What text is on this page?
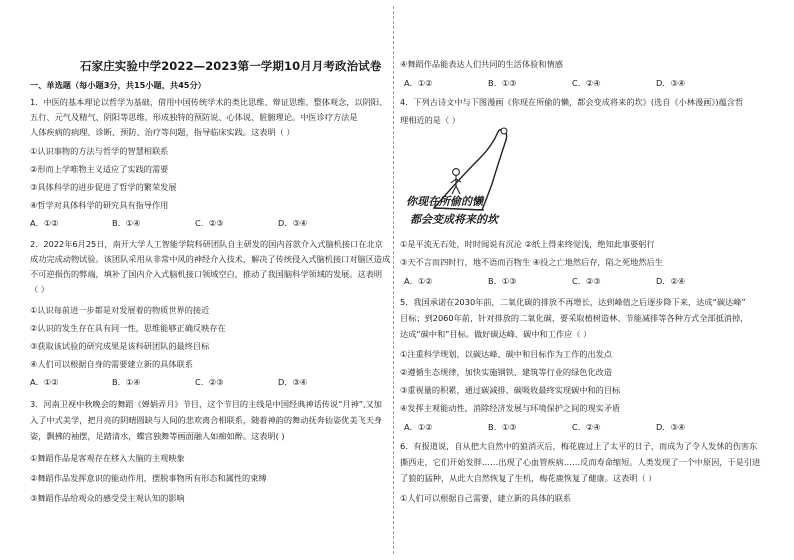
石家庄实验中学2022—2023第一学期10月月考政治试卷
一、单选题（每小题3分，共15小题，共45分）
1．中医的基本理论以哲学为基础，借用中国传统学术的类比思维、辩证思维、整体观念，以阴阳、
五行、元气及精气、阴阳等思维，形成独特的预防说、心体说、脏腑理论。中医诊疗方法是
人体疾病的病理、诊断、预防、治疗等问题，指导临床实践。这表明（ ）
①认识事物的方法与哲学的智慧相联系
②形而上学唯物主义适应了实践的需要
③具体科学的进步促进了哲学的繁荣发展
④哲学对具体科学的研究具有指导作用
A．①②	B．①④	C．②③	D．③④
2．2022年6月25日，南开大学人工智能学院科研团队自主研发的国内首款介入式脑机接口在北京
成功完成动物试验。该团队采用从非常中风的神经介入技术，解决了传统侵入式脑机接口对脑区造成
不可逆损伤的弊端，填补了国内介入式脑机接口领域空白，推动了我国脑科学领域的发展。这表明
（ ）
①认识每前进一步都是对发展着的物质世界的接近
②认识的发生存在具有同一性，思维能够正确反映存在
③获取该试验的研究成果是该科研团队的最终目标
④人们可以根据自身的需要建立新的具体联系
A．①②	B．①④	C．②③	D．③④
3．河南卫视中秋晚会的舞蹈《婵娟弄月》节目，这个节目的主线是中国经典神话传说“月神”,又加
入了中式美学，把月亮的阴晴圆缺与人间的悲欢离合相联系，随着神韵的舞动抚奔仙姿优美飞天身
姿，飘拂的袖摆，足踏清水，蝶宫独舞等画面融人如痴如醉。这表明( )
①舞蹈作品是客观存在移入大脑的主观映象
②舞蹈作品发挥意识的能动作用，摆脱事物所有形态和属性的束缚
③舞蹈作品给观众的感受受主观认知的影响
④舞蹈作品能表达人们共同的生活体验和情感
A．①②	B．①③	C．②④	D．③④
4．下列古诗文中与下图漫画《你现在所偷的懒，都会变成将来的坎》(选自《小林漫画》)蕴含哲
理相近的是（ ）
你现在所偷的懒
都会变成将来的坎
①是平流无石处，时时闻说有沉沦 ②纸上得来终觉浅，绝知此事要躬行
③天不言而四时行，地不语而百物生 ④投之亡地然后存，陷之死地然后生
A．①②	B．①③	C．②③	D．②④
5．我国承诺在2030年前，二氧化碳的排放不再增长，达到峰值之后逐步降下来，达成“碳达峰”
目标；到2060年前，针对排放的二氧化碳，要采取植树造林、节能减排等各种方式全部抵消掉，
达成“碳中和”目标。做好碳达峰、碳中和工作应（ ）
①注重科学规划，以碳达峰、碳中和目标作为工作的出发点
②遵循生态规律，加快实施钢铁、建筑等行业的绿色化改造
③重视量的积累，通过碳减排、碳吸收最终实现碳中和的目标
④发挥主观能动性，消除经济发展与环境保护之间的现实矛盾
A．①②	B．①③	C．②④	D．③④
6．有报道说，自从把大自然中的狼消灭后，梅花鹿过上了太平的日子，而成为了令人发怵的伤害东
撕西走，它们开始发胖……出现了心血管疾病……反而寿命缩短。人类发现了一个中原因，于是引进
了狼的猛种，从此大自然恢复了生机，梅花鹿恢复了健康。这表明（ ）
①人们可以根据自己需要，建立新的具体的联系
